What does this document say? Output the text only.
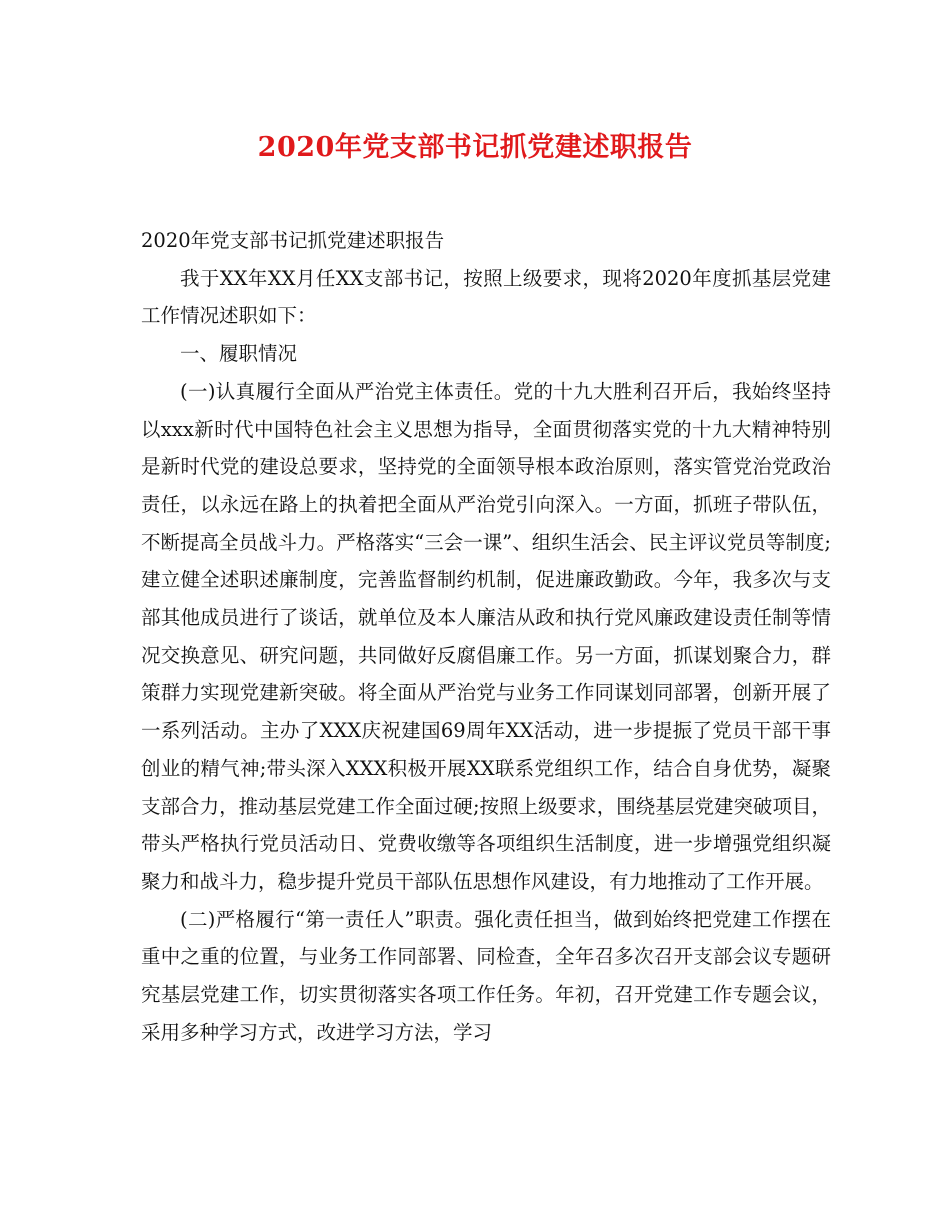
2020年党支部书记抓党建述职报告

2020年党支部书记抓党建述职报告

我于XX年XX月任XX支部书记，按照上级要求，现将2020年度抓基层党建工作情况述职如下：

一、履职情况

(一)认真履行全面从严治党主体责任。党的十九大胜利召开后，我始终坚持以xxx新时代中国特色社会主义思想为指导，全面贯彻落实党的十九大精神特别是新时代党的建设总要求，坚持党的全面领导根本政治原则，落实管党治党政治责任，以永远在路上的执着把全面从严治党引向深入。一方面，抓班子带队伍，不断提高全员战斗力。严格落实“三会一课”、组织生活会、民主评议党员等制度;建立健全述职述廉制度，完善监督制约机制，促进廉政勤政。今年，我多次与支部其他成员进行了谈话，就单位及本人廉洁从政和执行党风廉政建设责任制等情况交换意见、研究问题，共同做好反腐倡廉工作。另一方面，抓谋划聚合力，群策群力实现党建新突破。将全面从严治党与业务工作同谋划同部署，创新开展了一系列活动。主办了XXX庆祝建国69周年XX活动，进一步提振了党员干部干事创业的精气神;带头深入XXX积极开展XX联系党组织工作，结合自身优势，凝聚支部合力，推动基层党建工作全面过硬;按照上级要求，围绕基层党建突破项目，带头严格执行党员活动日、党费收缴等各项组织生活制度，进一步增强党组织凝聚力和战斗力，稳步提升党员干部队伍思想作风建设，有力地推动了工作开展。

(二)严格履行“第一责任人”职责。强化责任担当，做到始终把党建工作摆在重中之重的位置，与业务工作同部署、同检查，全年召多次召开支部会议专题研究基层党建工作，切实贯彻落实各项工作任务。年初，召开党建工作专题会议，采用多种学习方式，改进学习方法，学习
